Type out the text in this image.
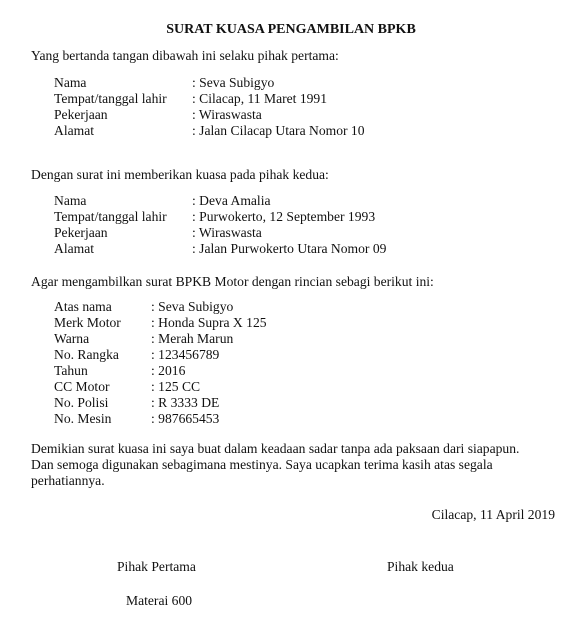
SURAT KUASA PENGAMBILAN BPKB
Yang bertanda tangan dibawah ini selaku pihak pertama:
Nama	: Seva Subigyo
Tempat/tanggal lahir : Cilacap, 11 Maret 1991
Pekerjaan	: Wiraswasta
Alamat	: Jalan Cilacap Utara Nomor 10
Dengan surat ini memberikan kuasa pada pihak kedua:
Nama	: Deva Amalia
Tempat/tanggal lahir : Purwokerto, 12 September 1993
Pekerjaan	: Wiraswasta
Alamat	: Jalan Purwokerto Utara Nomor 09
Agar mengambilkan surat BPKB Motor dengan rincian sebagi berikut ini:
Atas nama	: Seva Subigyo
Merk Motor : Honda Supra X 125
Warna	: Merah Marun
No. Rangka : 123456789
Tahun	: 2016
CC Motor	: 125 CC
No. Polisi	: R 3333 DE
No. Mesin	: 987665453
Demikian surat kuasa ini saya buat dalam keadaan sadar tanpa ada paksaan dari siapapun.
Dan semoga digunakan sebagimana mestinya. Saya ucapkan terima kasih atas segala
perhatiannya.
Cilacap, 11 April 2019
Pihak Pertama	Pihak kedua
Materai 600
